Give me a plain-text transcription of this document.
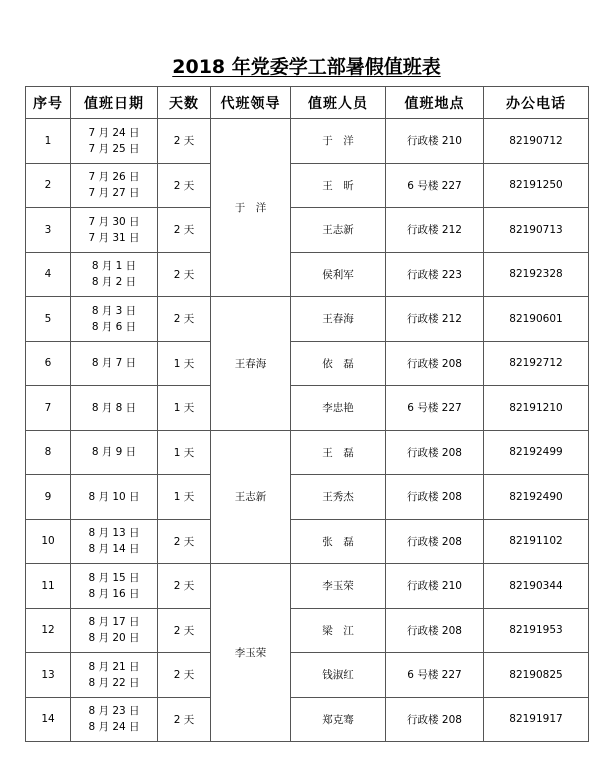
2018 年党委学工部暑假值班表
序号	值班日期	天数	代班领导	值班人员	值班地点	办公电话
1	7 月 24 日
7 月 25 日	2 天	于　洋	于　洋	行政楼 210	82190712
2	7 月 26 日
7 月 27 日	2 天		王　昕	6 号楼 227	82191250
3	7 月 30 日
7 月 31 日	2 天		王志新	行政楼 212	82190713
4	8 月 1 日
8 月 2 日	2 天		侯利军	行政楼 223	82192328
5	8 月 3 日
8 月 6 日	2 天	王春海	王春海	行政楼 212	82190601
6	8 月 7 日	1 天		依　磊	行政楼 208	82192712
7	8 月 8 日	1 天		李忠艳	6 号楼 227	82191210
8	8 月 9 日	1 天	王志新	王　磊	行政楼 208	82192499
9	8 月 10 日	1 天		王秀杰	行政楼 208	82192490
10	8 月 13 日
8 月 14 日	2 天		张　磊	行政楼 208	82191102
11	8 月 15 日
8 月 16 日	2 天	李玉荣	李玉荣	行政楼 210	82190344
12	8 月 17 日
8 月 20 日	2 天		梁　江	行政楼 208	82191953
13	8 月 21 日
8 月 22 日	2 天		钱淑红	6 号楼 227	82190825
14	8 月 23 日
8 月 24 日	2 天		郑克骞	行政楼 208	82191917
